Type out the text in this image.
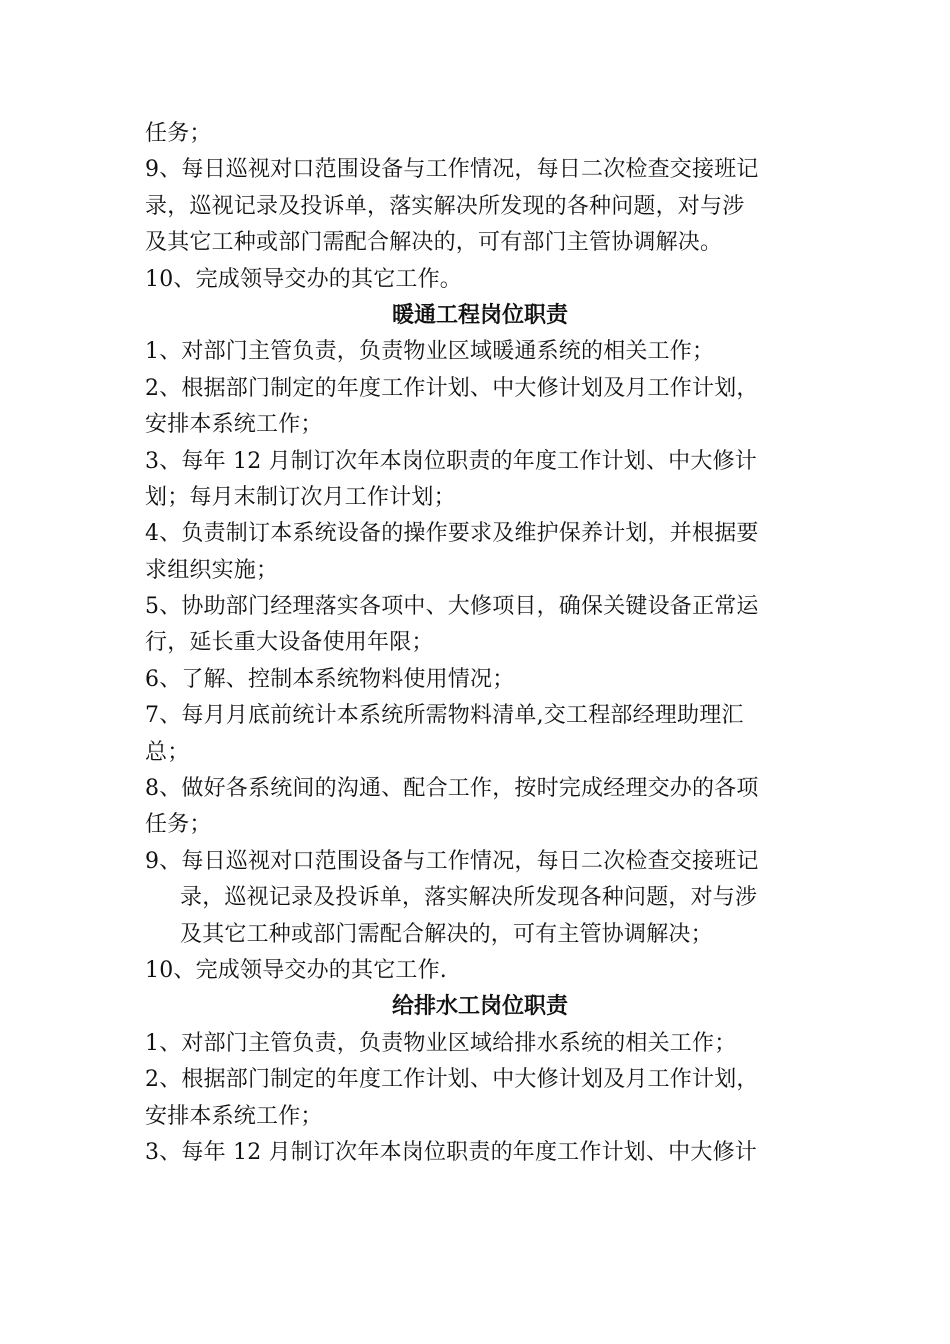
任务；
9、每日巡视对口范围设备与工作情况，每日二次检查交接班记
录，巡视记录及投诉单，落实解决所发现的各种问题，对与涉
及其它工种或部门需配合解决的，可有部门主管协调解决。
10、完成领导交办的其它工作。
暖通工程岗位职责
1、对部门主管负责，负责物业区域暖通系统的相关工作；
2、根据部门制定的年度工作计划、中大修计划及月工作计划，
安排本系统工作；
3、每年 12 月制订次年本岗位职责的年度工作计划、中大修计
划；每月末制订次月工作计划；
4、负责制订本系统设备的操作要求及维护保养计划，并根据要
求组织实施；
5、协助部门经理落实各项中、大修项目，确保关键设备正常运
行，延长重大设备使用年限；
6、了解、控制本系统物料使用情况；
7、每月月底前统计本系统所需物料清单,交工程部经理助理汇
总；
8、做好各系统间的沟通、配合工作，按时完成经理交办的各项
任务；
9、每日巡视对口范围设备与工作情况，每日二次检查交接班记
录，巡视记录及投诉单，落实解决所发现各种问题，对与涉
及其它工种或部门需配合解决的，可有主管协调解决；
10、完成领导交办的其它工作.
给排水工岗位职责
1、对部门主管负责，负责物业区域给排水系统的相关工作；
2、根据部门制定的年度工作计划、中大修计划及月工作计划，
安排本系统工作；
3、每年 12 月制订次年本岗位职责的年度工作计划、中大修计
